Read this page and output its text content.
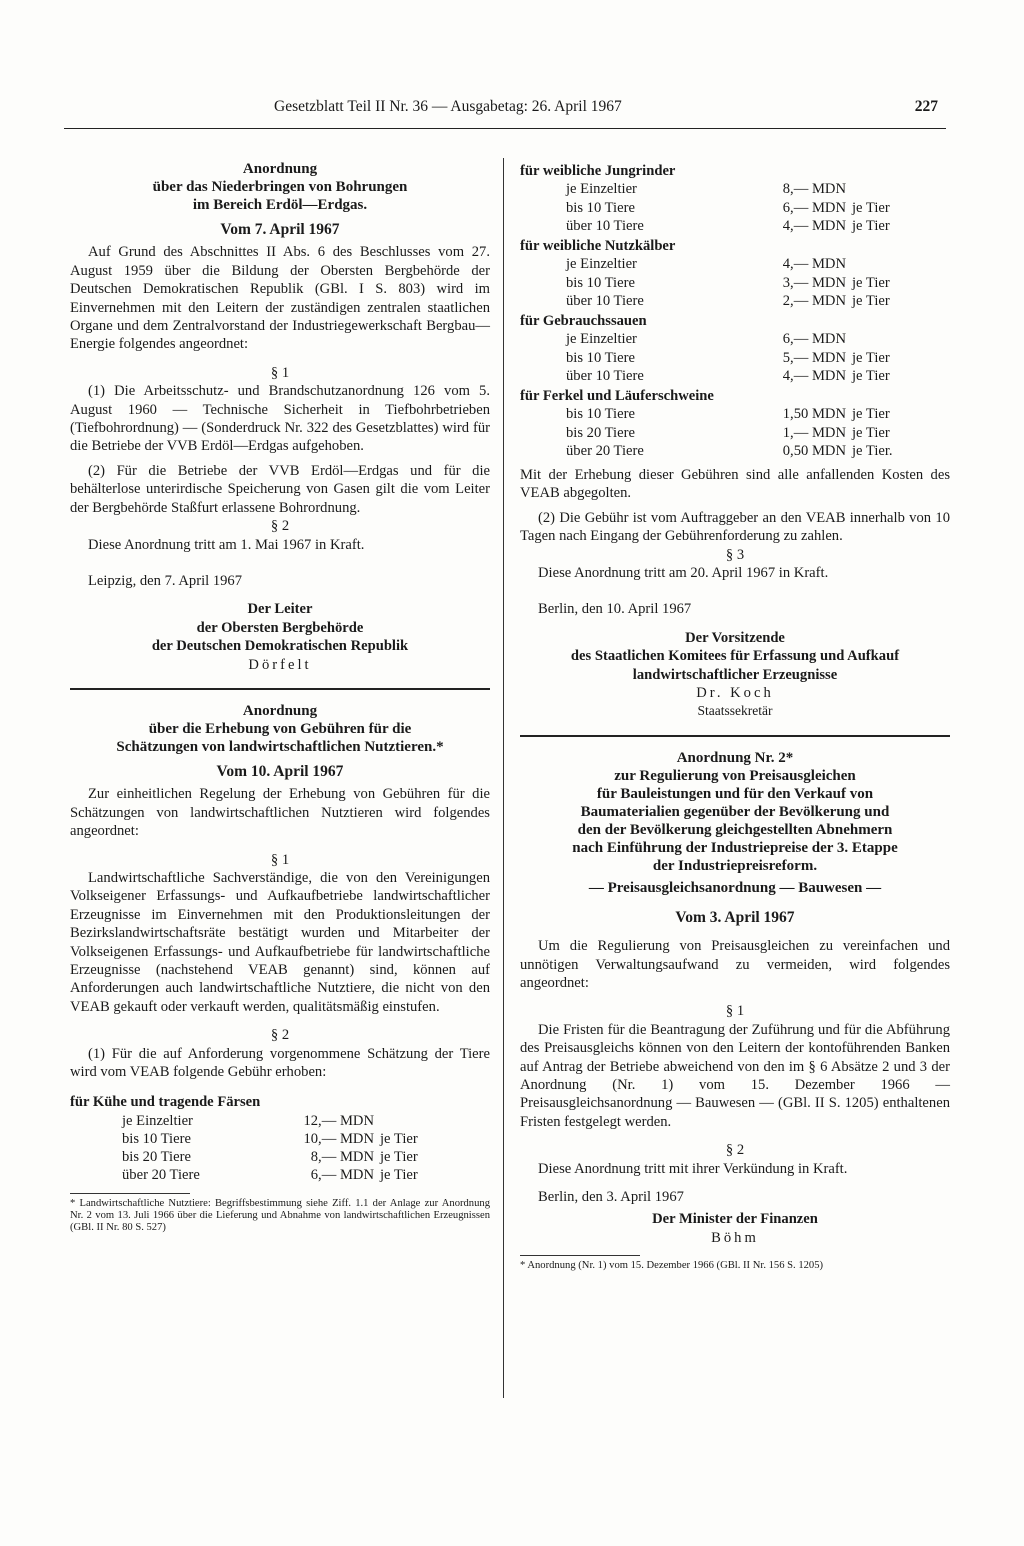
Gesetzblatt Teil II Nr. 36 — Ausgabetag: 26. April 1967	227
Anordnung
über das Niederbringen von Bohrungen
im Bereich Erdöl—Erdgas.
Vom 7. April 1967

Auf Grund des Abschnittes II Abs. 6 des Beschlusses vom 27. August 1959 über die Bildung der Obersten Bergbehörde der Deutschen Demokratischen Republik (GBl. I S. 803) wird im Einvernehmen mit den Leitern der zuständigen zentralen staatlichen Organe und dem Zentralvorstand der Industriegewerkschaft Bergbau—Energie folgendes angeordnet:

§ 1

(1) Die Arbeitsschutz- und Brandschutzanordnung 126 vom 5. August 1960 — Technische Sicherheit in Tiefbohrbetrieben (Tiefbohrordnung) — (Sonderdruck Nr. 322 des Gesetzblattes) wird für die Betriebe der VVB Erdöl—Erdgas aufgehoben.

(2) Für die Betriebe der VVB Erdöl—Erdgas und für die behälterlose unterirdische Speicherung von Gasen gilt die vom Leiter der Bergbehörde Staßfurt erlassene Bohrordnung.

§ 2

Diese Anordnung tritt am 1. Mai 1967 in Kraft.

Leipzig, den 7. April 1967

Der Leiter
der Obersten Bergbehörde
der Deutschen Demokratischen Republik
Dörfelt
Anordnung
über die Erhebung von Gebühren für die
Schätzungen von landwirtschaftlichen Nutztieren.*
Vom 10. April 1967

Zur einheitlichen Regelung der Erhebung von Gebühren für die Schätzungen von landwirtschaftlichen Nutztieren wird folgendes angeordnet:

§ 1

Landwirtschaftliche Sachverständige, die von den Vereinigungen Volkseigener Erfassungs- und Aufkaufbetriebe landwirtschaftlicher Erzeugnisse im Einvernehmen mit den Produktionsleitungen der Bezirkslandwirtschaftsräte bestätigt wurden und Mitarbeiter der Volkseigenen Erfassungs- und Aufkaufbetriebe für landwirtschaftliche Erzeugnisse (nachstehend VEAB genannt) sind, können auf Anforderungen auch landwirtschaftliche Nutztiere, die nicht von den VEAB gekauft oder verkauft werden, qualitätsmäßig einstufen.

§ 2

(1) Für die auf Anforderung vorgenommene Schätzung der Tiere wird vom VEAB folgende Gebühr erhoben:

für Kühe und tragende Färsen
je Einzeltier	12,— MDN
bis 10 Tiere	10,— MDN je Tier
bis 20 Tiere	8,— MDN je Tier
über 20 Tiere	6,— MDN je Tier
* Landwirtschaftliche Nutztiere: Begriffsbestimmung siehe Ziff. 1.1 der Anlage zur Anordnung Nr. 2 vom 13. Juli 1966 über die Lieferung und Abnahme von landwirtschaftlichen Erzeugnissen (GBl. II Nr. 80 S. 527)
für weibliche Jungrinder
je Einzeltier	8,— MDN
bis 10 Tiere	6,— MDN je Tier
über 10 Tiere	4,— MDN je Tier
für weibliche Nutzkälber
je Einzeltier	4,— MDN
bis 10 Tiere	3,— MDN je Tier
über 10 Tiere	2,— MDN je Tier
für Gebrauchssauen
je Einzeltier	6,— MDN
bis 10 Tiere	5,— MDN je Tier
über 10 Tiere	4,— MDN je Tier
für Ferkel und Läuferschweine
bis 10 Tiere	1,50 MDN je Tier
bis 20 Tiere	1,— MDN je Tier
über 20 Tiere	0,50 MDN je Tier.

Mit der Erhebung dieser Gebühren sind alle anfallenden Kosten des VEAB abgegolten.

(2) Die Gebühr ist vom Auftraggeber an den VEAB innerhalb von 10 Tagen nach Eingang der Gebührenforderung zu zahlen.

§ 3

Diese Anordnung tritt am 20. April 1967 in Kraft.

Berlin, den 10. April 1967

Der Vorsitzende
des Staatlichen Komitees für Erfassung und Aufkauf
landwirtschaftlicher Erzeugnisse
Dr. Koch
Staatssekretär
Anordnung Nr. 2*
zur Regulierung von Preisausgleichen
für Bauleistungen und für den Verkauf von
Baumaterialien gegenüber der Bevölkerung und
den der Bevölkerung gleichgestellten Abnehmern
nach Einführung der Industriepreise der 3. Etappe
der Industriepreisreform.
— Preisausgleichsanordnung — Bauwesen —
Vom 3. April 1967

Um die Regulierung von Preisausgleichen zu vereinfachen und unnötigen Verwaltungsaufwand zu vermeiden, wird folgendes angeordnet:

§ 1

Die Fristen für die Beantragung der Zuführung und für die Abführung des Preisausgleichs können von den Leitern der kontoführenden Banken auf Antrag der Betriebe abweichend von den im § 6 Absätze 2 und 3 der Anordnung (Nr. 1) vom 15. Dezember 1966 — Preisausgleichsanordnung — Bauwesen — (GBl. II S. 1205) enthaltenen Fristen festgelegt werden.

§ 2

Diese Anordnung tritt mit ihrer Verkündung in Kraft.

Berlin, den 3. April 1967

Der Minister der Finanzen
Böhm
* Anordnung (Nr. 1) vom 15. Dezember 1966 (GBl. II Nr. 156 S. 1205)
